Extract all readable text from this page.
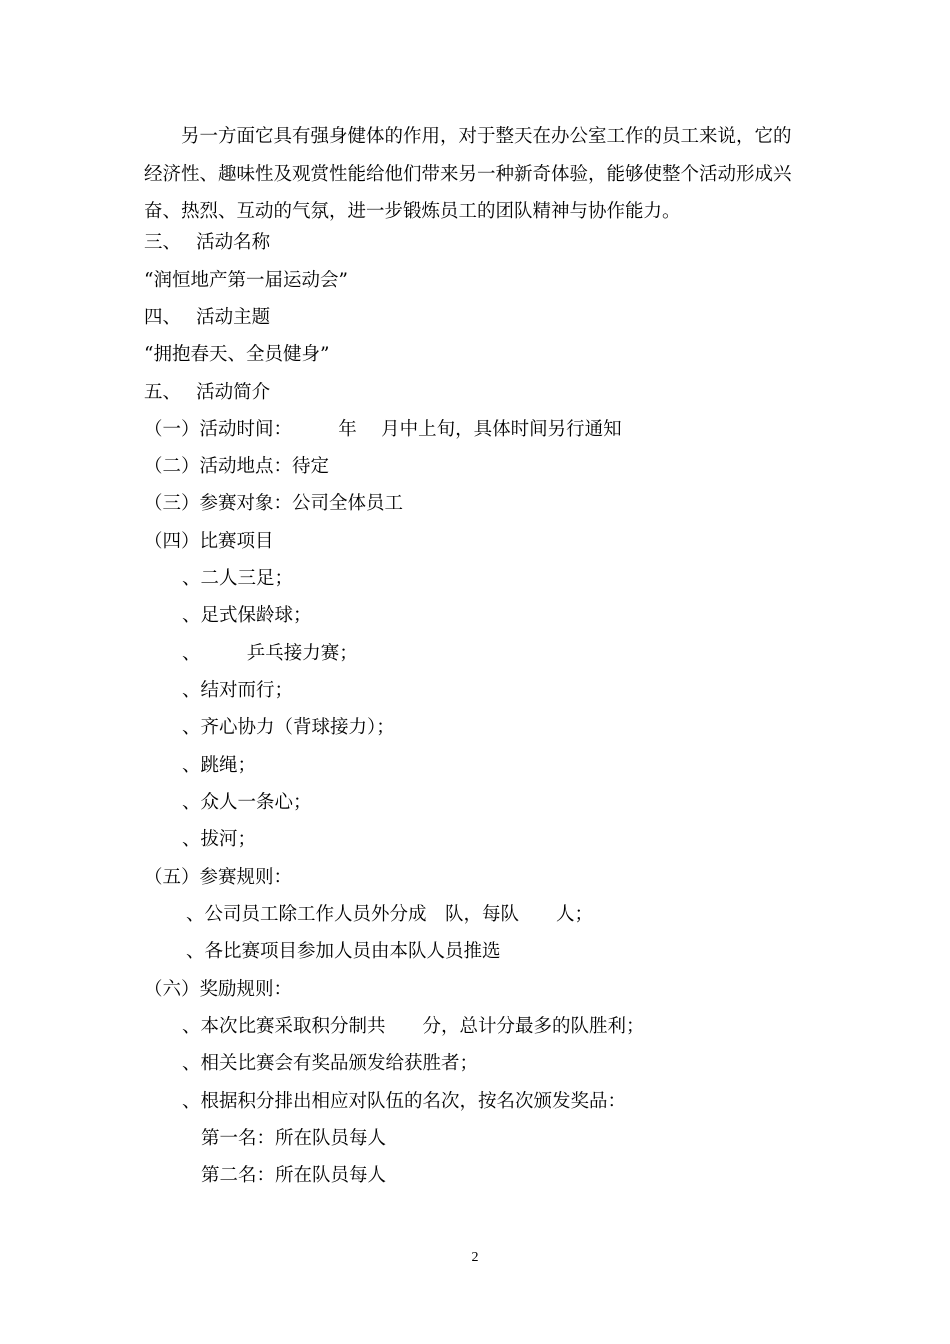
　　另一方面它具有强身健体的作用，对于整天在办公室工作的员工来说，它的
经济性、趣味性及观赏性能给他们带来另一种新奇体验，能够使整个活动形成兴
奋、热烈、互动的气氛，进一步锻炼员工的团队精神与协作能力。
三、　 活动名称
“润恒地产第一届运动会”
四、　 活动主题
“拥抱春天、全员健身”
五、　 活动简介
（一）活动时间：　　　年　 月中上旬，具体时间另行通知
（二）活动地点：待定
（三）参赛对象：公司全体员工
（四）比赛项目
、二人三足；
、足式保龄球；
、　　　乒乓接力赛；
、结对而行；
、齐心协力（背球接力）；
、跳绳；
、众人一条心；
、拔河；
（五）参赛规则：
、公司员工除工作人员外分成　队，每队　　人；
、各比赛项目参加人员由本队人员推选
（六）奖励规则：
、本次比赛采取积分制共　　分，总计分最多的队胜利；
、相关比赛会有奖品颁发给获胜者；
、根据积分排出相应对队伍的名次，按名次颁发奖品：
第一名：所在队员每人
第二名：所在队员每人
2
